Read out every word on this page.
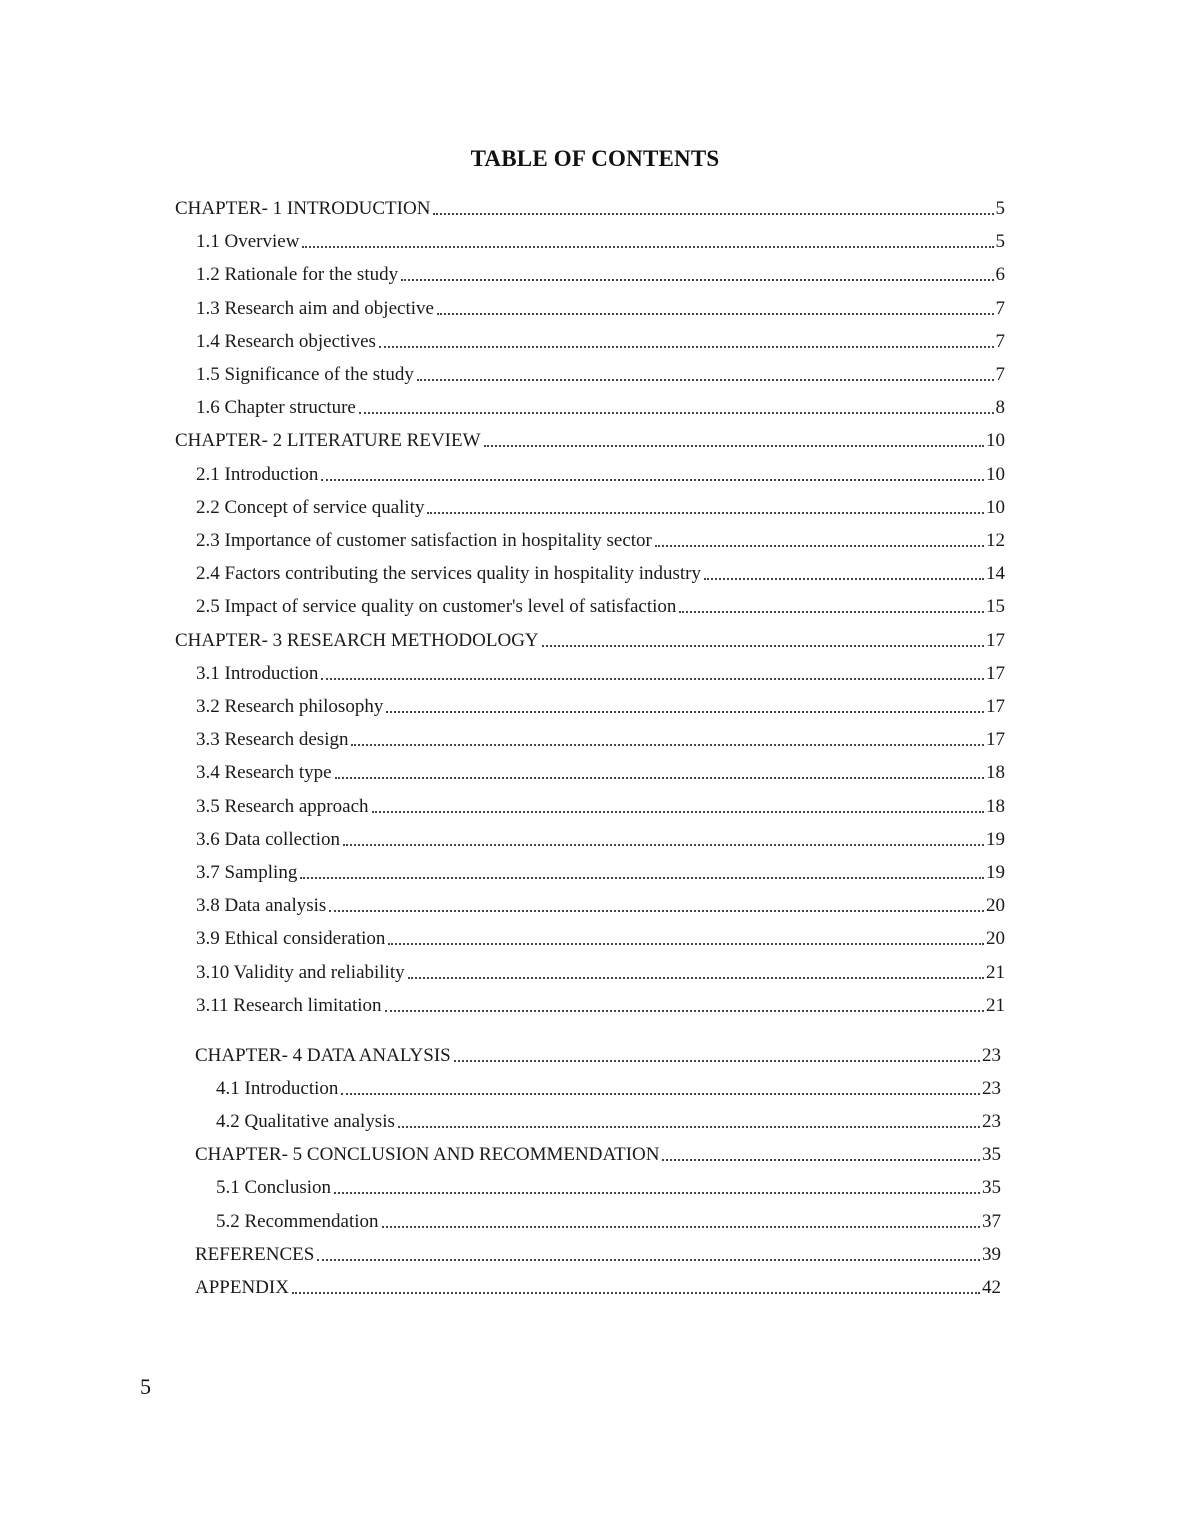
TABLE OF CONTENTS
CHAPTER- 1 INTRODUCTION	5
1.1 Overview	5
1.2 Rationale for the study	6
1.3 Research aim and objective	7
1.4 Research objectives	7
1.5 Significance of the study	7
1.6 Chapter structure	8
CHAPTER- 2 LITERATURE REVIEW	10
2.1 Introduction	10
2.2 Concept of service quality	10
2.3 Importance of customer satisfaction in hospitality sector	12
2.4 Factors contributing the services quality in hospitality industry	14
2.5 Impact of service quality on customer's level of satisfaction	15
CHAPTER- 3 RESEARCH METHODOLOGY	17
3.1 Introduction	17
3.2 Research philosophy	17
3.3 Research design	17
3.4 Research type	18
3.5 Research approach	18
3.6 Data collection	19
3.7 Sampling	19
3.8 Data analysis	20
3.9 Ethical consideration	20
3.10 Validity and reliability	21
3.11 Research limitation	21
CHAPTER- 4 DATA ANALYSIS	23
4.1 Introduction	23
4.2 Qualitative analysis	23
CHAPTER- 5 CONCLUSION AND RECOMMENDATION	35
5.1 Conclusion	35
5.2 Recommendation	37
REFERENCES	39
APPENDIX	42
5
